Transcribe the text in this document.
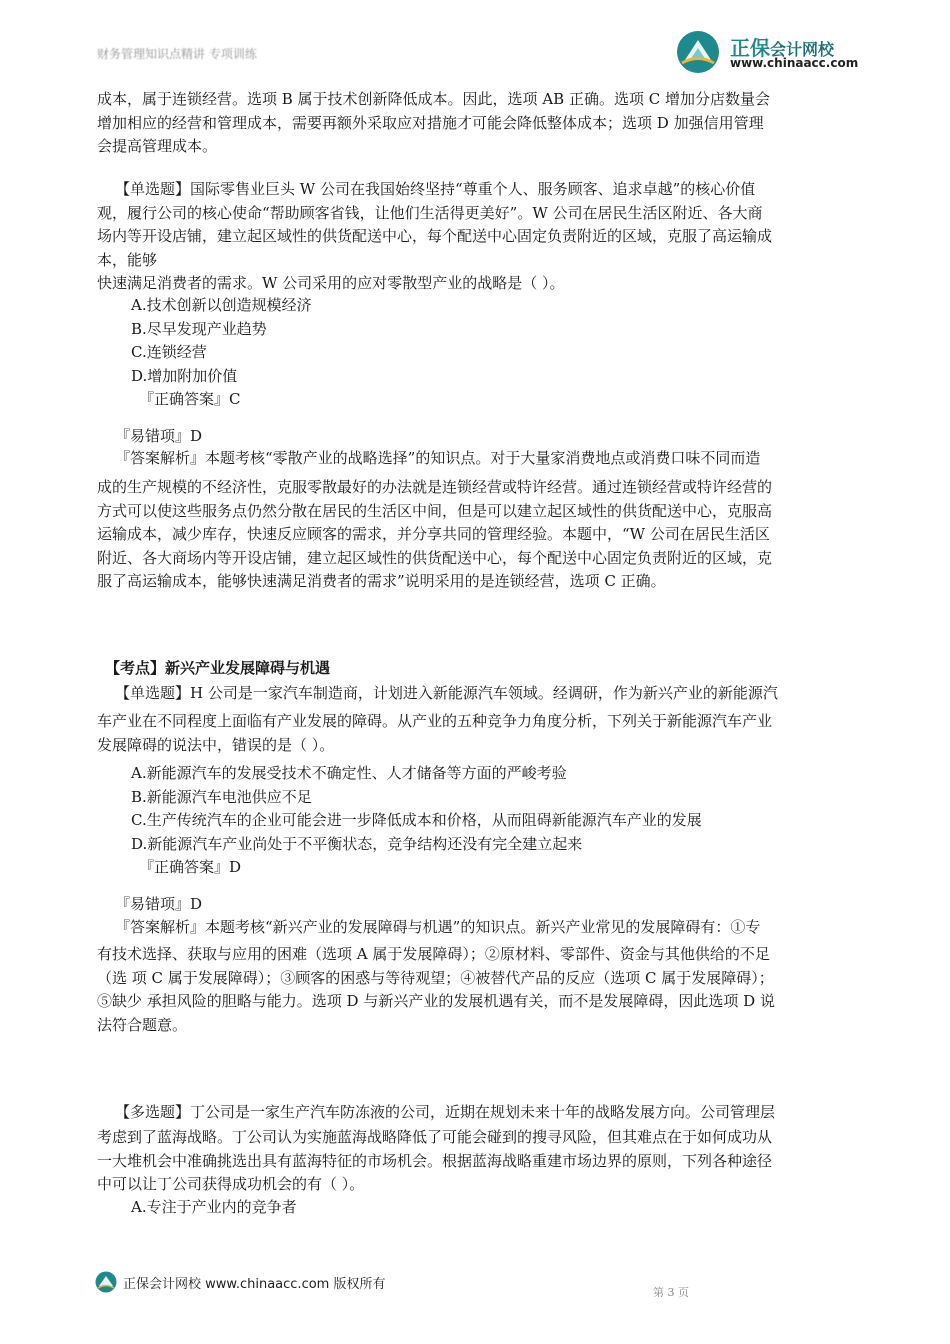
财务管理知识点精讲 专项训练	正保会计网校
www.chinaacc.com

成本，属于连锁经营。选项 B 属于技术创新降低成本。因此，选项 AB 正确。选项 C 增加分店数量会

增加相应的经营和管理成本，需要再额外采取应对措施才可能会降低整体成本；选项 D 加强信用管理

会提高管理成本。

【单选题】国际零售业巨头 W 公司在我国始终坚持“尊重个人、服务顾客、追求卓越”的核心价值

观，履行公司的核心使命“帮助顾客省钱，让他们生活得更美好”。W 公司在居民生活区附近、各大商

场内等开设店铺，建立起区域性的供货配送中心，每个配送中心固定负责附近的区域，克服了高运输成

本，能够

快速满足消费者的需求。W 公司采用的应对零散型产业的战略是（ ）。

A.技术创新以创造规模经济

B.尽早发现产业趋势

C.连锁经营

D.增加附加价值

『正确答案』C

『易错项』D

『答案解析』本题考核“零散产业的战略选择”的知识点。对于大量家消费地点或消费口味不同而造

成的生产规模的不经济性，克服零散最好的办法就是连锁经营或特许经营。通过连锁经营或特许经营的

方式可以使这些服务点仍然分散在居民的生活区中间，但是可以建立起区域性的供货配送中心，克服高

运输成本，减少库存，快速反应顾客的需求，并分享共同的管理经验。本题中，“W 公司在居民生活区

附近、各大商场内等开设店铺，建立起区域性的供货配送中心，每个配送中心固定负责附近的区域，克

服了高运输成本，能够快速满足消费者的需求”说明采用的是连锁经营，选项 C 正确。

【考点】新兴产业发展障碍与机遇

【单选题】H 公司是一家汽车制造商，计划进入新能源汽车领域。经调研，作为新兴产业的新能源汽

车产业在不同程度上面临有产业发展的障碍。从产业的五种竞争力角度分析，下列关于新能源汽车产业

发展障碍的说法中，错误的是（ ）。

A.新能源汽车的发展受技术不确定性、人才储备等方面的严峻考验

B.新能源汽车电池供应不足

C.生产传统汽车的企业可能会进一步降低成本和价格，从而阻碍新能源汽车产业的发展

D.新能源汽车产业尚处于不平衡状态，竞争结构还没有完全建立起来

『正确答案』D

『易错项』D

『答案解析』本题考核“新兴产业的发展障碍与机遇”的知识点。新兴产业常见的发展障碍有：①专

有技术选择、获取与应用的困难（选项 A 属于发展障碍）；②原材料、零部件、资金与其他供给的不足

（选 项 C 属于发展障碍）；③顾客的困惑与等待观望；④被替代产品的反应（选项 C 属于发展障碍）；

⑤缺少 承担风险的胆略与能力。选项 D 与新兴产业的发展机遇有关，而不是发展障碍，因此选项 D 说

法符合题意。

【多选题】丁公司是一家生产汽车防冻液的公司，近期在规划未来十年的战略发展方向。公司管理层

考虑到了蓝海战略。丁公司认为实施蓝海战略降低了可能会碰到的搜寻风险，但其难点在于如何成功从

一大堆机会中准确挑选出具有蓝海特征的市场机会。根据蓝海战略重建市场边界的原则，下列各种途径

中可以让丁公司获得成功机会的有（ ）。

A.专注于产业内的竞争者

正保会计网校 www.chinaacc.com 版权所有
第 3 页
